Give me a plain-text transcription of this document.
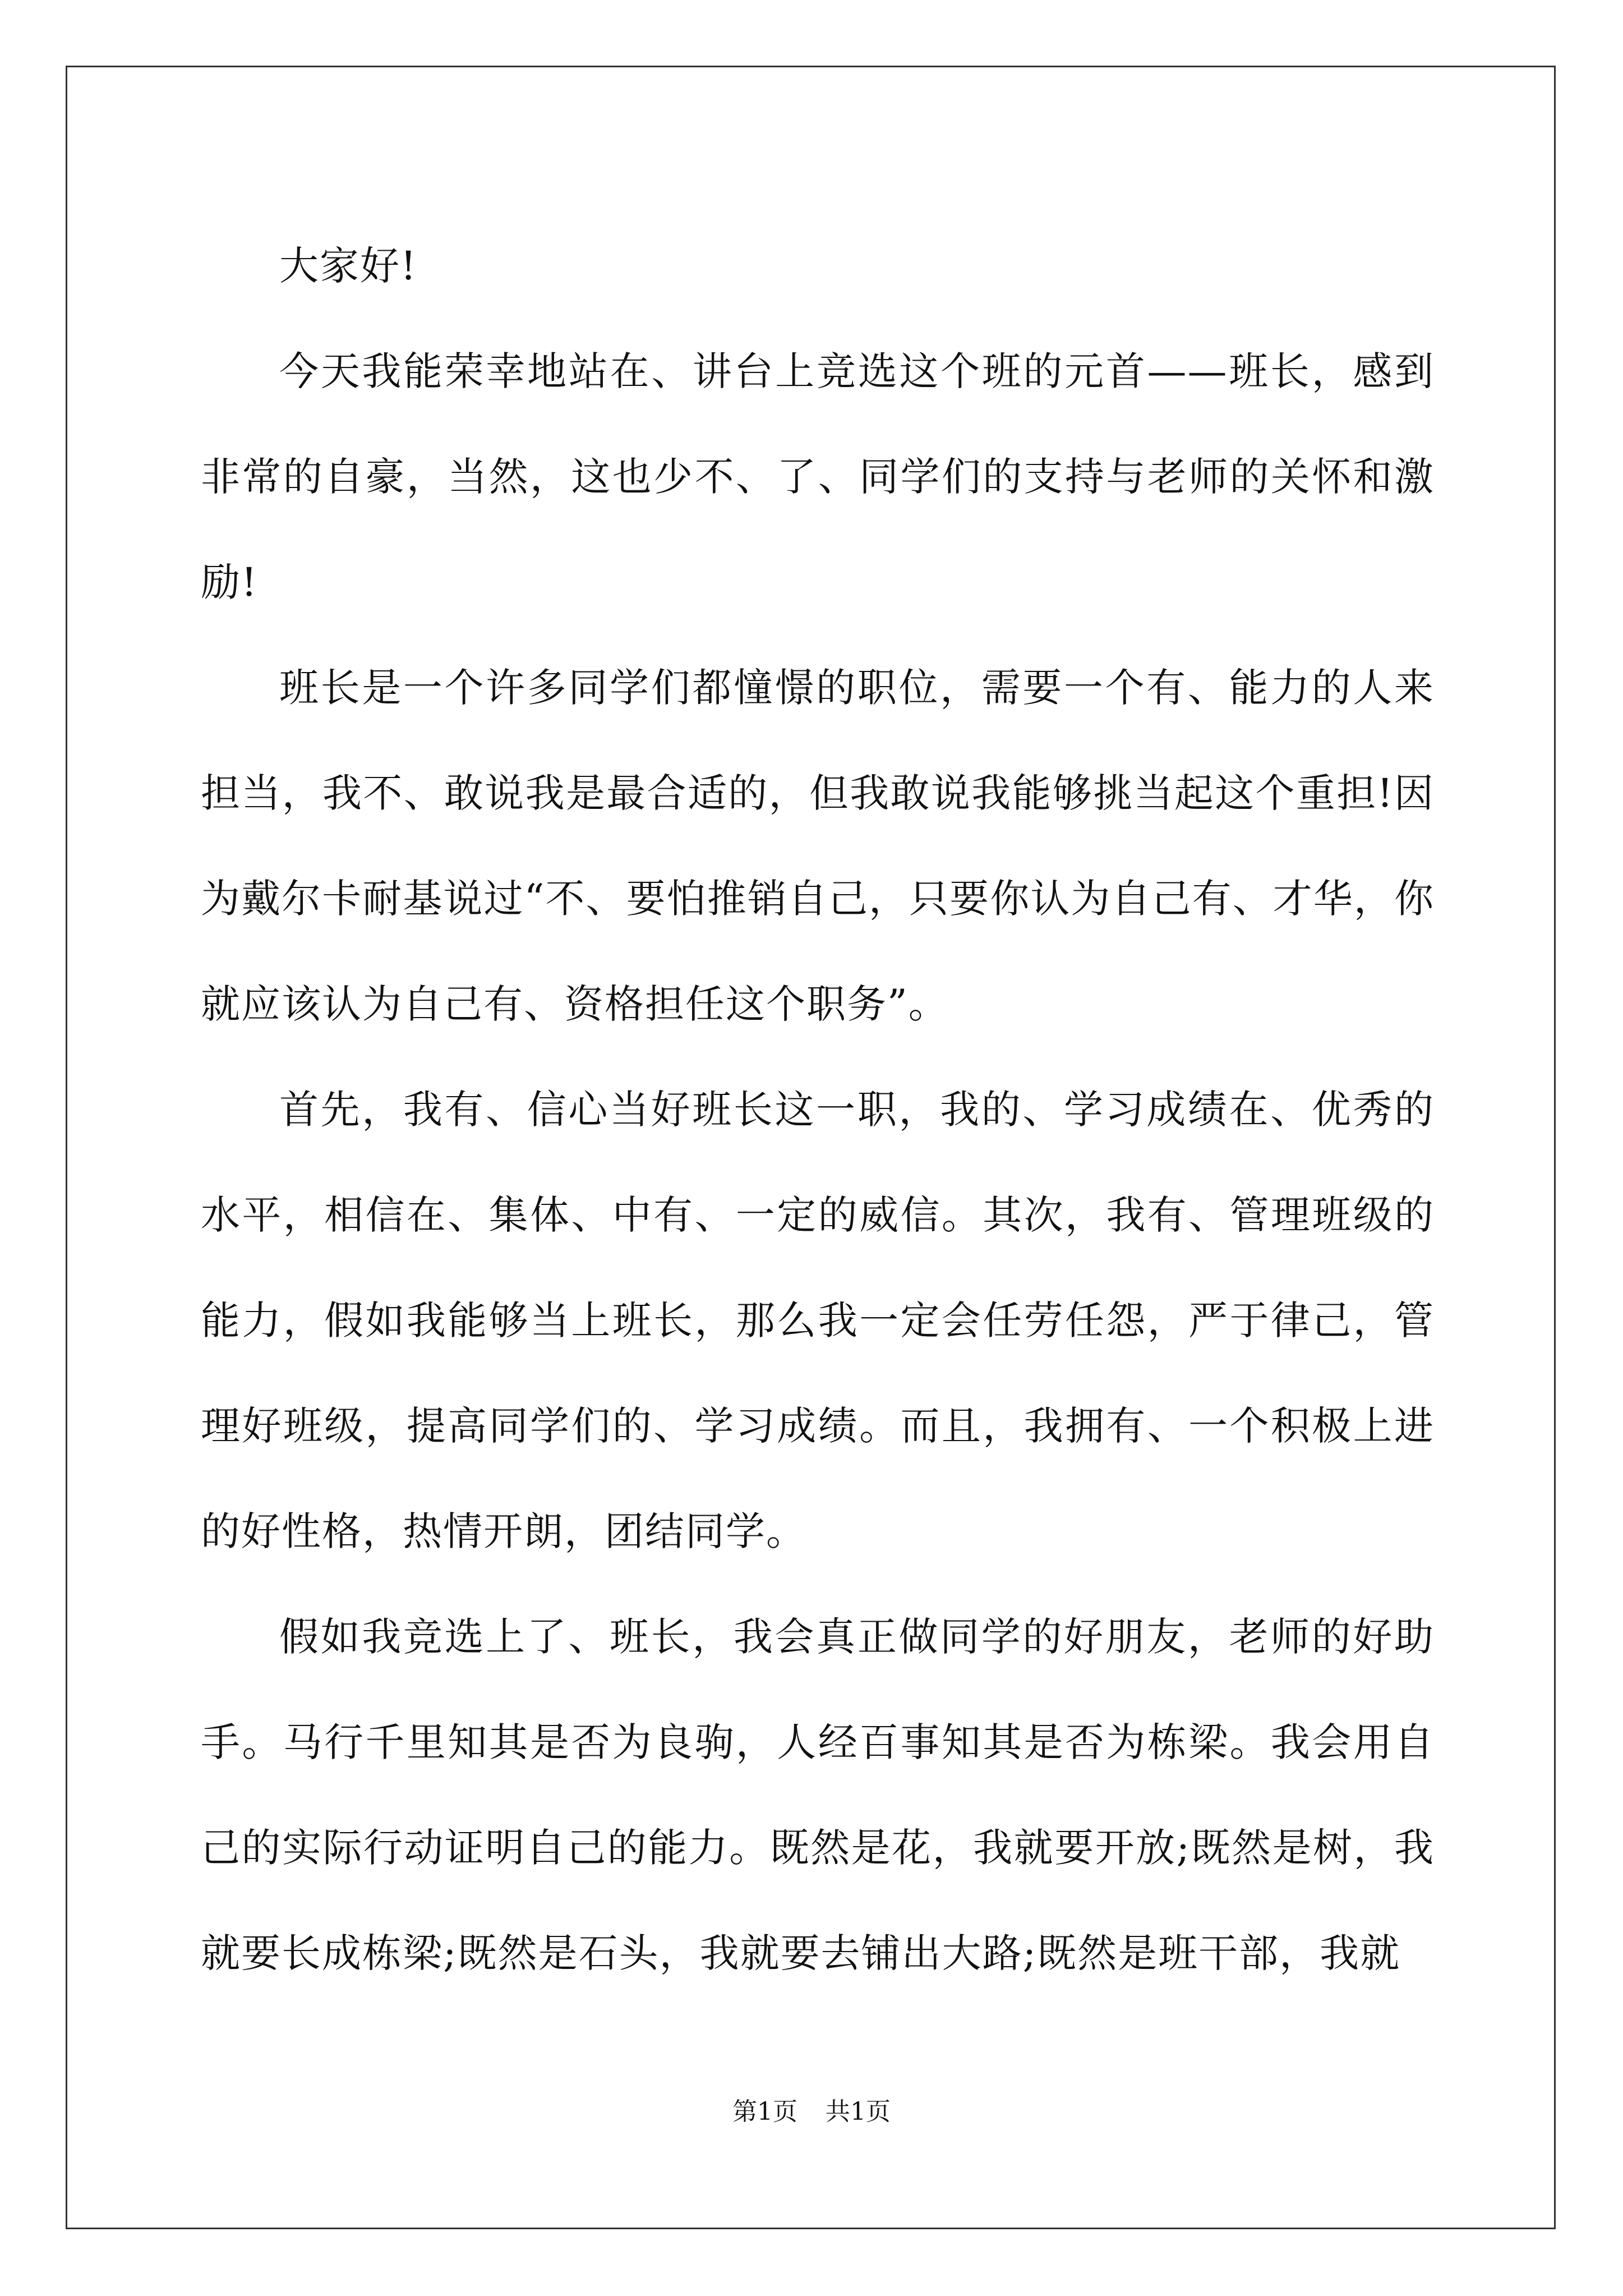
大家好!

今天我能荣幸地站在、讲台上竞选这个班的元首——班长，感到非常的自豪，当然，这也少不、了、同学们的支持与老师的关怀和激励!

班长是一个许多同学们都憧憬的职位，需要一个有、能力的人来担当，我不、敢说我是最合适的，但我敢说我能够挑当起这个重担!因为戴尔卡耐基说过“不、要怕推销自己，只要你认为自己有、才华，你就应该认为自己有、资格担任这个职务”。

首先，我有、信心当好班长这一职，我的、学习成绩在、优秀的水平，相信在、集体、中有、一定的威信。其次，我有、管理班级的能力，假如我能够当上班长，那么我一定会任劳任怨，严于律己，管理好班级，提高同学们的、学习成绩。而且，我拥有、一个积极上进的好性格，热情开朗，团结同学。

假如我竞选上了、班长，我会真正做同学的好朋友，老师的好助手。马行千里知其是否为良驹，人经百事知其是否为栋梁。我会用自己的实际行动证明自己的能力。既然是花，我就要开放;既然是树，我就要长成栋梁;既然是石头，我就要去铺出大路;既然是班干部，我就

第1页 共1页
